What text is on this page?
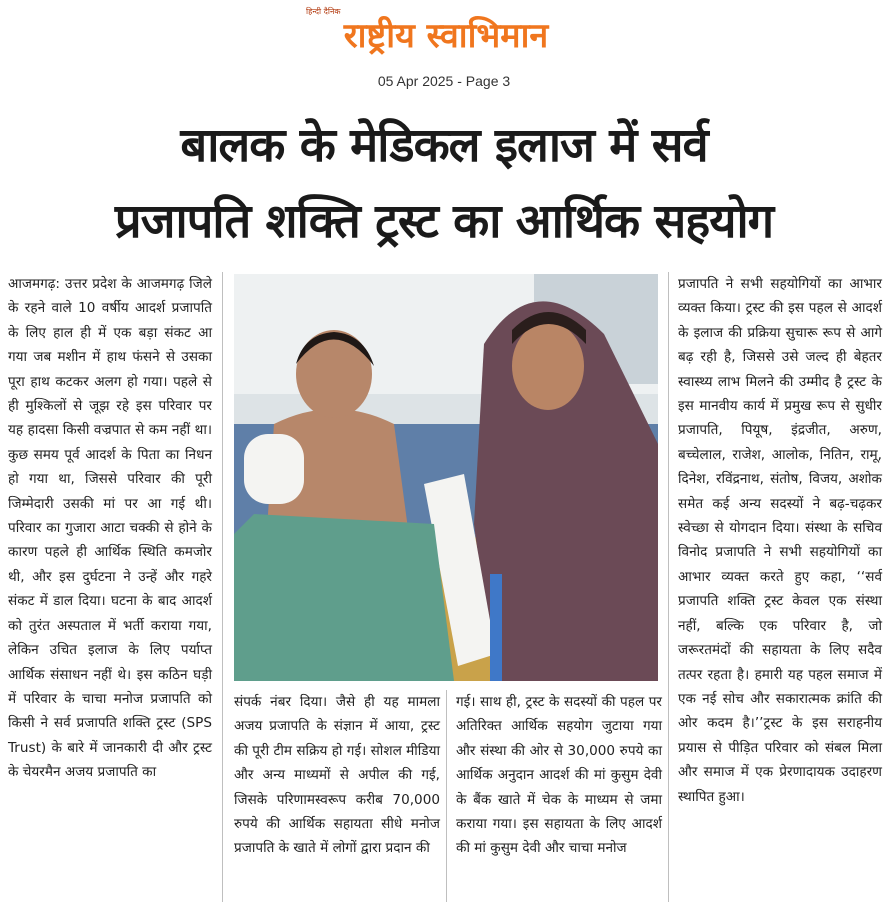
हिन्दी दैनिक
राष्ट्रीय स्वाभिमान
05 Apr 2025 - Page 3
बालक के मेडिकल इलाज में सर्व
प्रजापति शक्ति ट्रस्ट का आर्थिक सहयोग
आजमगढ़: उत्तर प्रदेश के आजमगढ़ जिले के रहने वाले 10 वर्षीय आदर्श प्रजापति के लिए हाल ही में एक बड़ा संकट आ गया जब मशीन में हाथ फंसने से उसका पूरा हाथ कटकर अलग हो गया। पहले से ही मुश्किलों से जूझ रहे इस परिवार पर यह हादसा किसी वज्रपात से कम नहीं था। कुछ समय पूर्व आदर्श के पिता का निधन हो गया था, जिससे परिवार की पूरी जिम्मेदारी उसकी मां पर आ गई थी। परिवार का गुजारा आटा चक्की से होने के कारण पहले ही आर्थिक स्थिति कमजोर थी, और इस दुर्घटना ने उन्हें और गहरे संकट में डाल दिया। घटना के बाद आदर्श को तुरंत अस्पताल में भर्ती कराया गया, लेकिन उचित इलाज के लिए पर्याप्त आर्थिक संसाधन नहीं थे। इस कठिन घड़ी में परिवार के चाचा मनोज प्रजापति को किसी ने सर्व प्रजापति शक्ति ट्रस्ट (SPS Trust) के बारे में जानकारी दी और ट्रस्ट के चेयरमैन अजय प्रजापति का
संपर्क नंबर दिया। जैसे ही यह मामला अजय प्रजापति के संज्ञान में आया, ट्रस्ट की पूरी टीम सक्रिय हो गई। सोशल मीडिया और अन्य माध्यमों से अपील की गई, जिसके परिणामस्वरूप करीब 70,000 रुपये की आर्थिक सहायता सीधे मनोज प्रजापति के खाते में लोगों द्वारा प्रदान की
गई। साथ ही, ट्रस्ट के सदस्यों की पहल पर अतिरिक्त आर्थिक सहयोग जुटाया गया और संस्था की ओर से 30,000 रुपये का आर्थिक अनुदान आदर्श की मां कुसुम देवी के बैंक खाते में चेक के माध्यम से जमा कराया गया। इस सहायता के लिए आदर्श की मां कुसुम देवी और चाचा मनोज
प्रजापति ने सभी सहयोगियों का आभार व्यक्त किया। ट्रस्ट की इस पहल से आदर्श के इलाज की प्रक्रिया सुचारू रूप से आगे बढ़ रही है, जिससे उसे जल्द ही बेहतर स्वास्थ्य लाभ मिलने की उम्मीद है ट्रस्ट के इस मानवीय कार्य में प्रमुख रूप से सुधीर प्रजापति, पियूष, इंद्रजीत, अरुण, बच्चेलाल, राजेश, आलोक, नितिन, रामू, दिनेश, रविंद्रनाथ, संतोष, विजय, अशोक समेत कई अन्य सदस्यों ने बढ़-चढ़कर स्वेच्छा से योगदान दिया। संस्था के सचिव विनोद प्रजापति ने सभी सहयोगियों का आभार व्यक्त करते हुए कहा, ‘‘सर्व प्रजापति शक्ति ट्रस्ट केवल एक संस्था नहीं, बल्कि एक परिवार है, जो जरूरतमंदों की सहायता के लिए सदैव तत्पर रहता है। हमारी यह पहल समाज में एक नई सोच और सकारात्मक क्रांति की ओर कदम है।’’ट्रस्ट के इस सराहनीय प्रयास से पीड़ित परिवार को संबल मिला और समाज में एक प्रेरणादायक उदाहरण स्थापित हुआ।
